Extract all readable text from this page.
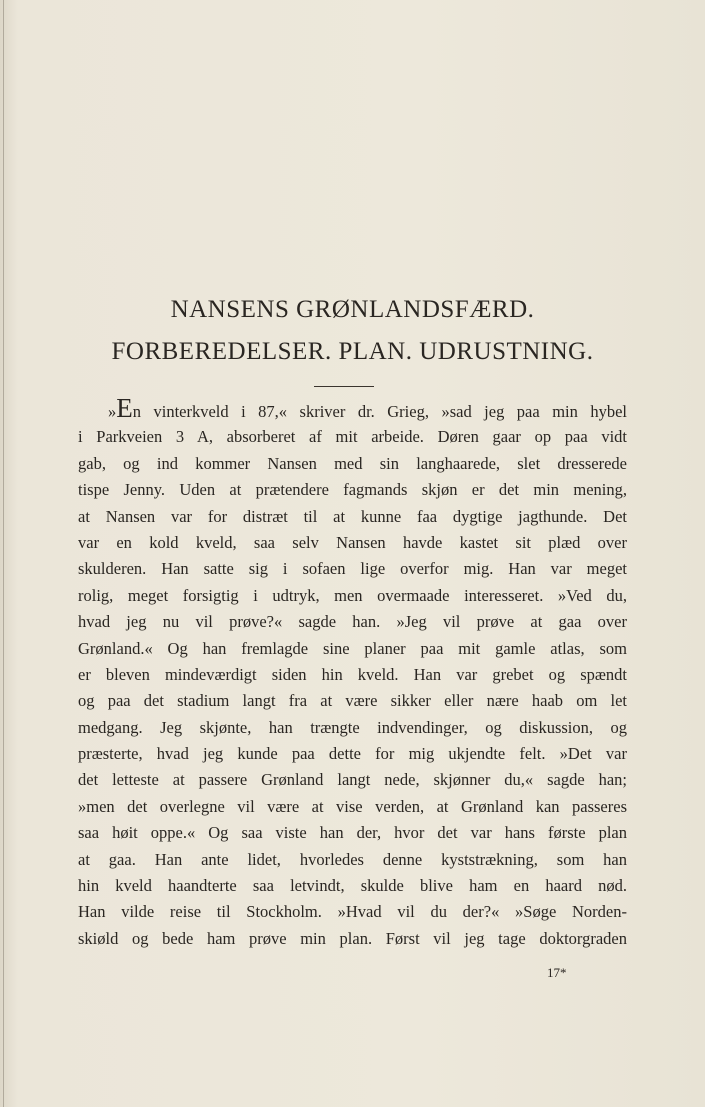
NANSENS GRØNLANDSFÆRD.
FORBEREDELSER. PLAN. UDRUSTNING.
»En vinterkveld i 87,« skriver dr. Grieg, »sad jeg paa min hybel
i Parkveien 3 A, absorberet af mit arbeide. Døren gaar op paa vidt
gab, og ind kommer Nansen med sin langhaarede, slet dresserede
tispe Jenny. Uden at prætendere fagmands skjøn er det min mening,
at Nansen var for distræt til at kunne faa dygtige jagthunde. Det
var en kold kveld, saa selv Nansen havde kastet sit plæd over
skulderen. Han satte sig i sofaen lige overfor mig. Han var meget
rolig, meget forsigtig i udtryk, men overmaade interesseret. »Ved du,
hvad jeg nu vil prøve?« sagde han. »Jeg vil prøve at gaa over
Grønland.« Og han fremlagde sine planer paa mit gamle atlas, som
er bleven mindeværdigt siden hin kveld. Han var grebet og spændt
og paa det stadium langt fra at være sikker eller nære haab om let
medgang. Jeg skjønte, han trængte indvendinger, og diskussion, og
præsterte, hvad jeg kunde paa dette for mig ukjendte felt. »Det var
det letteste at passere Grønland langt nede, skjønner du,« sagde han;
»men det overlegne vil være at vise verden, at Grønland kan passeres
saa høit oppe.« Og saa viste han der, hvor det var hans første plan
at gaa. Han ante lidet, hvorledes denne kyststrækning, som han
hin kveld haandterte saa letvindt, skulde blive ham en haard nød.
Han vilde reise til Stockholm. »Hvad vil du der?« »Søge Norden-
skiøld og bede ham prøve min plan. Først vil jeg tage doktorgraden
17*
